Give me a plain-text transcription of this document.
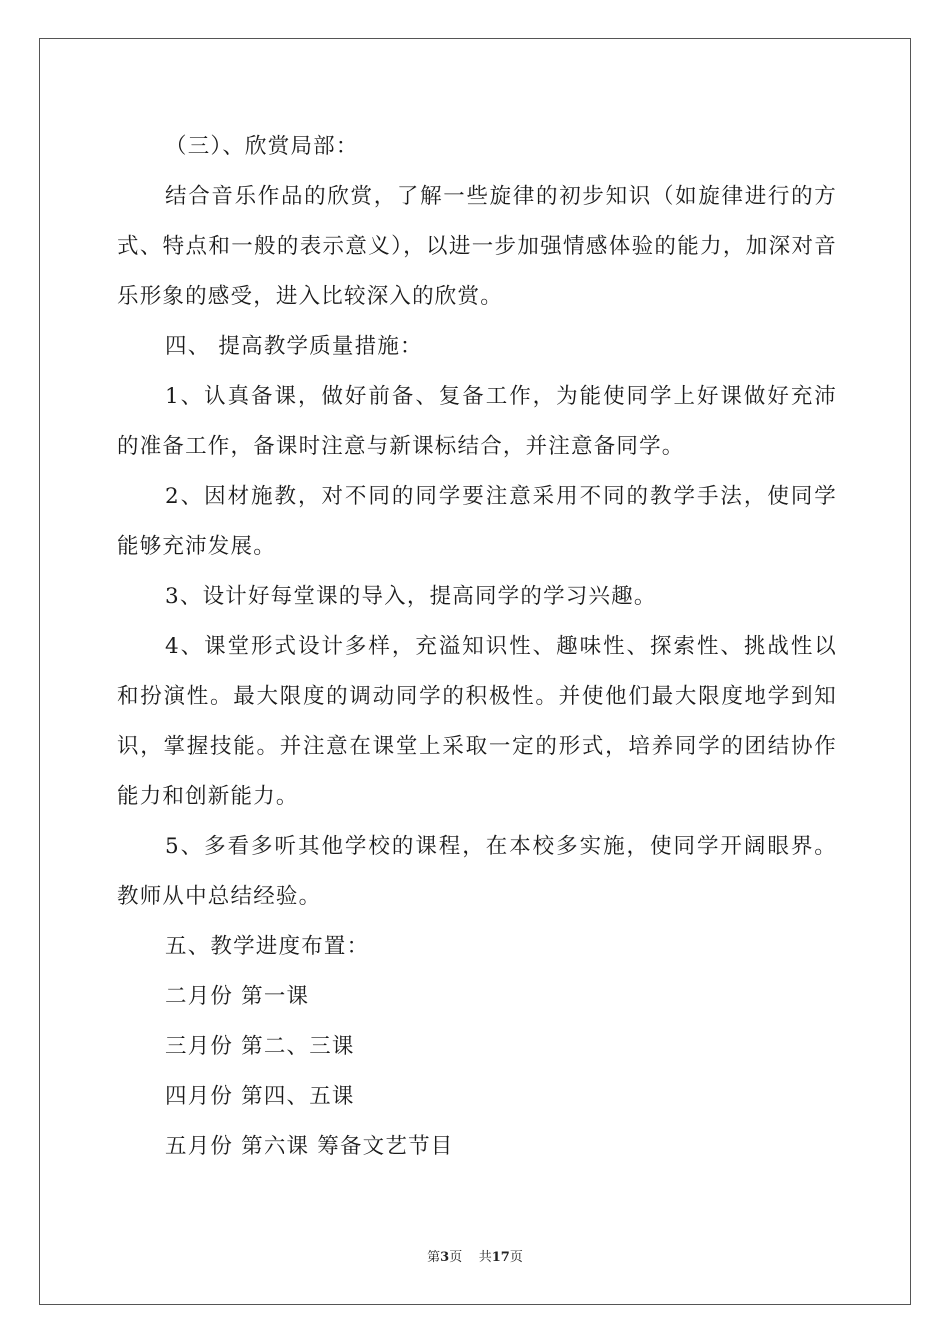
（三）、欣赏局部：

结合音乐作品的欣赏，了解一些旋律的初步知识（如旋律进行的方式、特点和一般的表示意义），以进一步加强情感体验的能力，加深对音乐形象的感受，进入比较深入的欣赏。

四、 提高教学质量措施：

1、认真备课，做好前备、复备工作，为能使同学上好课做好充沛的准备工作，备课时注意与新课标结合，并注意备同学。

2、因材施教，对不同的同学要注意采用不同的教学手法，使同学能够充沛发展。

3、设计好每堂课的导入，提高同学的学习兴趣。

4、课堂形式设计多样，充溢知识性、趣味性、探索性、挑战性以和扮演性。最大限度的调动同学的积极性。并使他们最大限度地学到知识，掌握技能。并注意在课堂上采取一定的形式，培养同学的团结协作能力和创新能力。

5、多看多听其他学校的课程，在本校多实施，使同学开阔眼界。教师从中总结经验。

五、教学进度布置：

二月份 第一课

三月份 第二、三课

四月份 第四、五课

五月份 第六课 筹备文艺节目

第3页 共17页
